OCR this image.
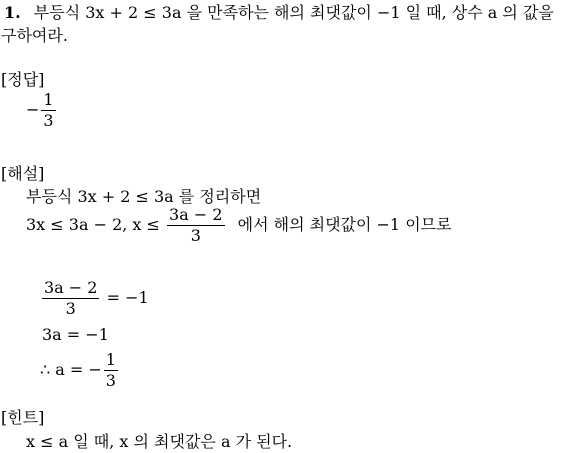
1. 부등식 3x + 2 ≤ 3a 을 만족하는 해의 최댓값이 −1 일 때, 상수 a 의 값을
구하여라.
[정답]
− $\frac{1}{3}$
[해설]
부등식 3x + 2 ≤ 3a 를 정리하면
3x ≤ 3a − 2, $x \le \frac{3a - 2}{3}$ 에서 해의 최댓값이 −1 이므로
$\frac{3a - 2}{3} = -1$
3a = −1
∴ a = − $\frac{1}{3}$
[힌트]
x ≤ a 일 때, x 의 최댓값은 a 가 된다.
